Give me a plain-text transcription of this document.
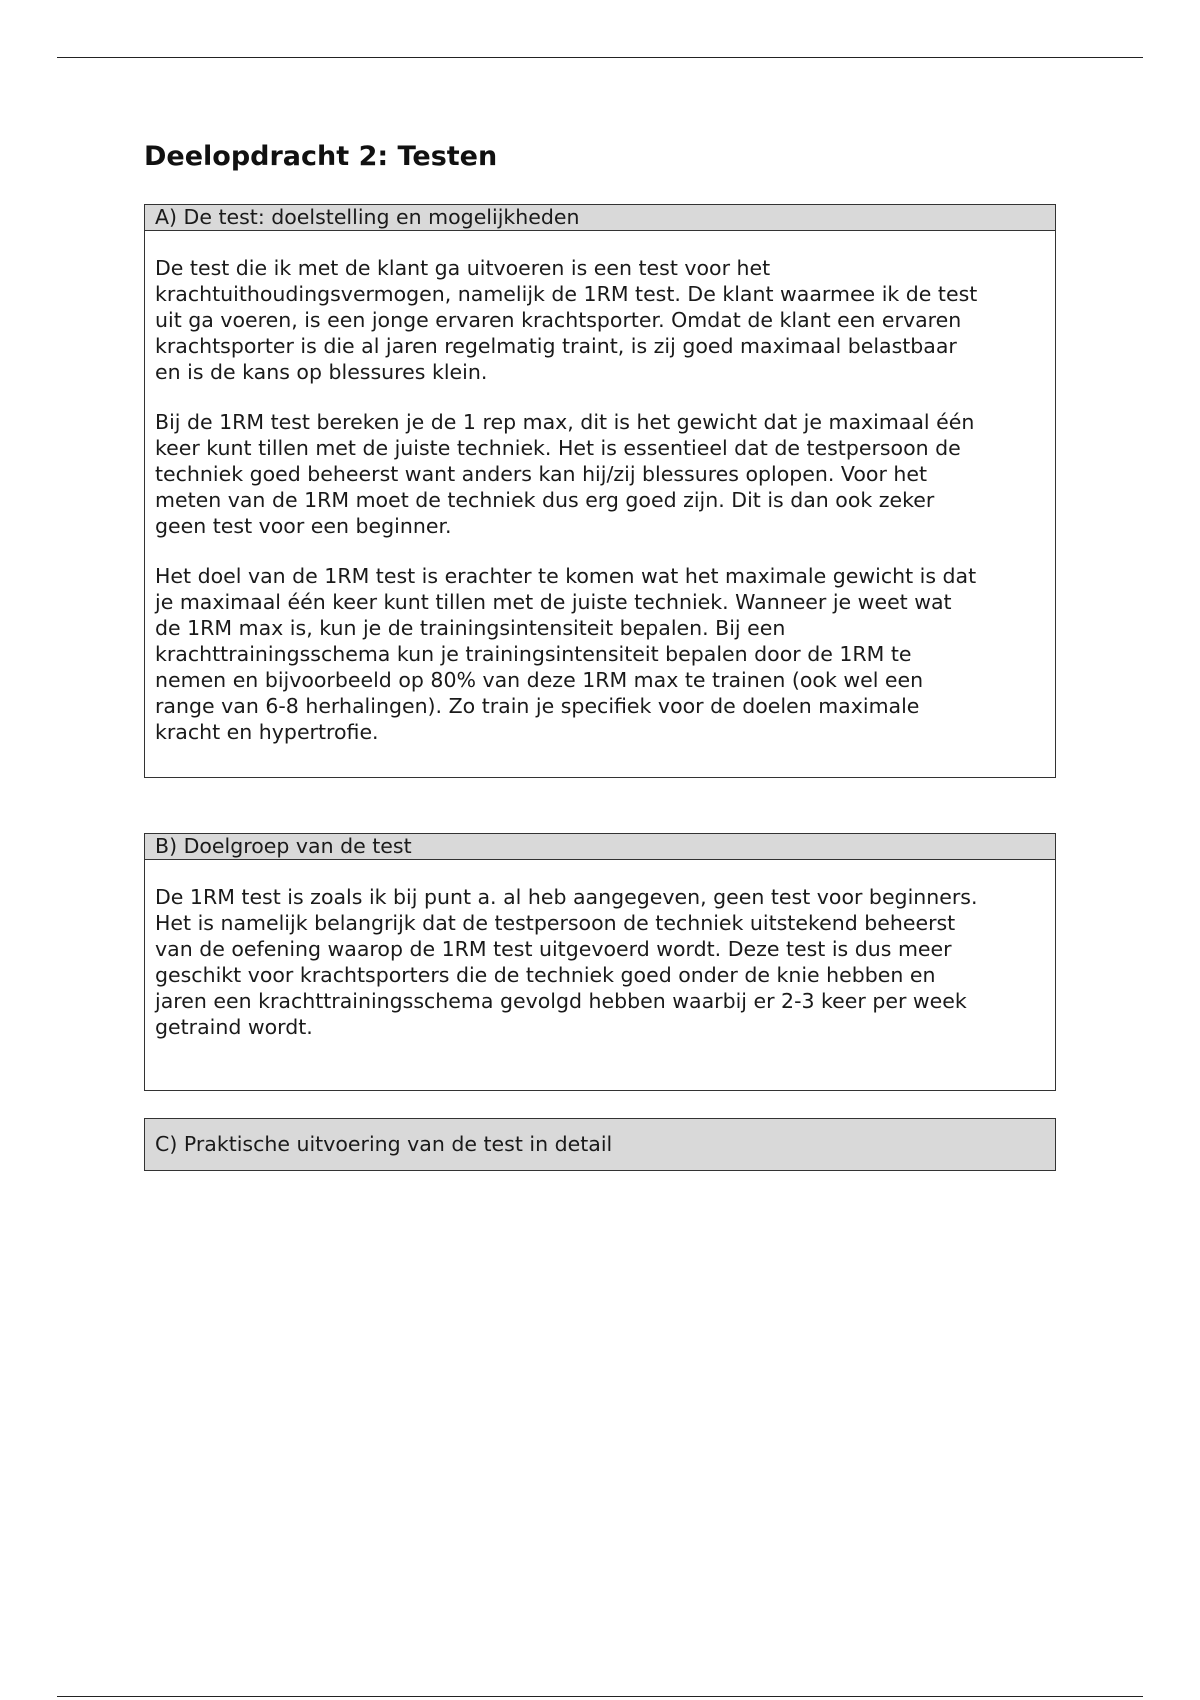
Deelopdracht 2: Testen
A) De test: doelstelling en mogelijkheden

De test die ik met de klant ga uitvoeren is een test voor het
krachtuithoudingsvermogen, namelijk de 1RM test. De klant waarmee ik de test
uit ga voeren, is een jonge ervaren krachtsporter. Omdat de klant een ervaren
krachtsporter is die al jaren regelmatig traint, is zij goed maximaal belastbaar
en is de kans op blessures klein.

Bij de 1RM test bereken je de 1 rep max, dit is het gewicht dat je maximaal één
keer kunt tillen met de juiste techniek. Het is essentieel dat de testpersoon de
techniek goed beheerst want anders kan hij/zij blessures oplopen. Voor het
meten van de 1RM moet de techniek dus erg goed zijn. Dit is dan ook zeker
geen test voor een beginner.

Het doel van de 1RM test is erachter te komen wat het maximale gewicht is dat
je maximaal één keer kunt tillen met de juiste techniek. Wanneer je weet wat
de 1RM max is, kun je de trainingsintensiteit bepalen. Bij een
krachttrainingsschema kun je trainingsintensiteit bepalen door de 1RM te
nemen en bijvoorbeeld op 80% van deze 1RM max te trainen (ook wel een
range van 6-8 herhalingen). Zo train je specifiek voor de doelen maximale
kracht en hypertrofie.

B) Doelgroep van de test

De 1RM test is zoals ik bij punt a. al heb aangegeven, geen test voor beginners.
Het is namelijk belangrijk dat de testpersoon de techniek uitstekend beheerst
van de oefening waarop de 1RM test uitgevoerd wordt. Deze test is dus meer
geschikt voor krachtsporters die de techniek goed onder de knie hebben en
jaren een krachttrainingsschema gevolgd hebben waarbij er 2-3 keer per week
getraind wordt.

C) Praktische uitvoering van de test in detail
